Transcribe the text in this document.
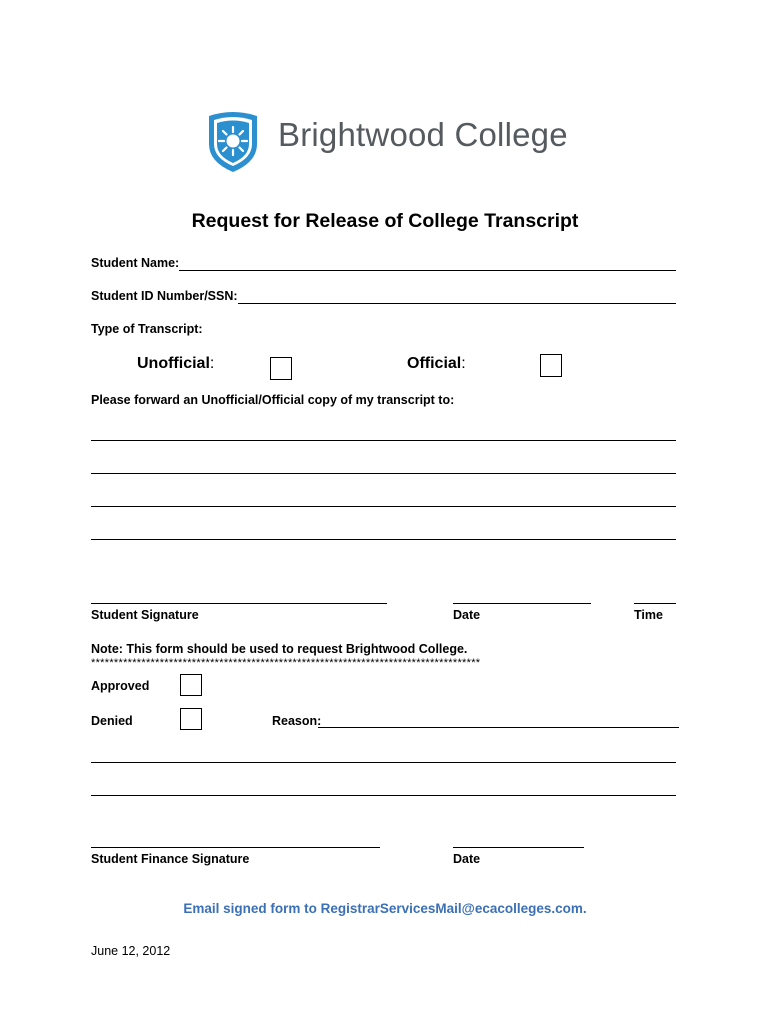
Brightwood College
Request for Release of College Transcript
Student Name:
Student ID Number/SSN:
Type of Transcript:
Unofficial:	Official:
Please forward an Unofficial/Official copy of my transcript to:
Student Signature	Date	Time
Note: This form should be used to request Brightwood College.
*************************************************************************************
Approved
Denied	Reason:
Student Finance Signature	Date
Email signed form to RegistrarServicesMail@ecacolleges.com.
June 12, 2012
